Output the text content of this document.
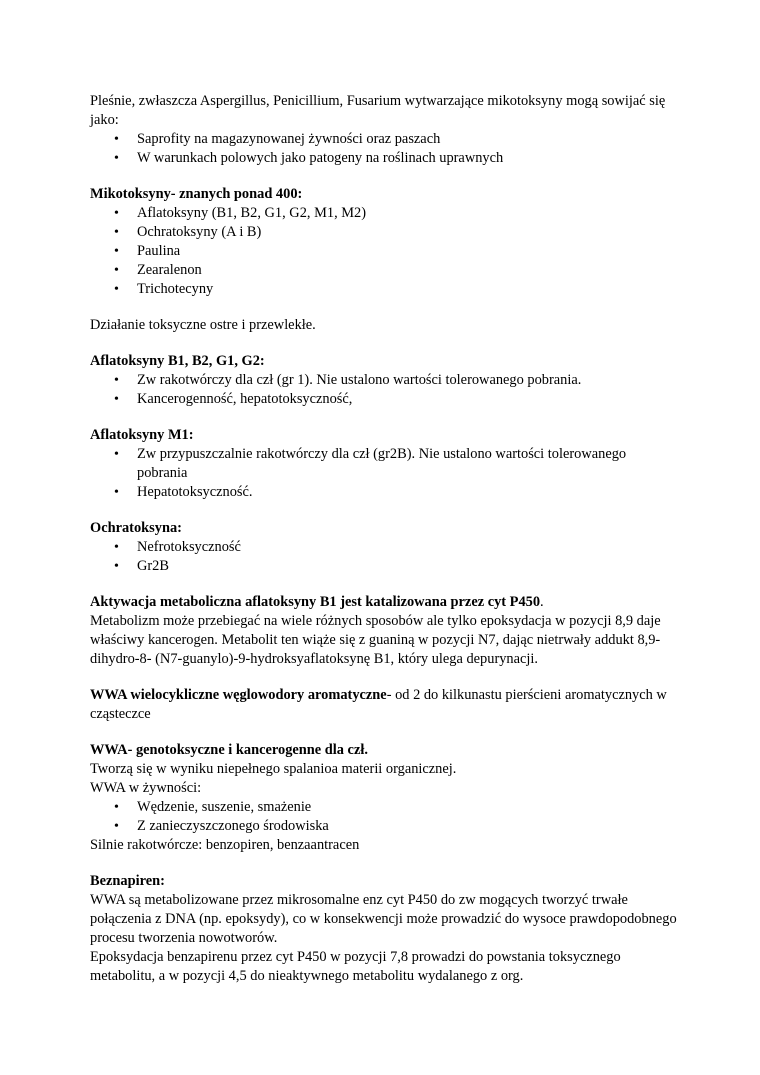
Pleśnie, zwłaszcza Aspergillus, Penicillium, Fusarium wytwarzające mikotoksyny mogą sowijać się jako:

• Saprofity na magazynowanej żywności oraz paszach
• W warunkach polowych jako patogeny na roślinach uprawnych

Mikotoksyny- znanych ponad 400:

• Aflatoksyny (B1, B2, G1, G2, M1, M2)
• Ochratoksyny (A i B)
• Paulina
• Zearalenon
• Trichotecyny

Działanie toksyczne ostre i przewlekłe.

Aflatoksyny B1, B2, G1, G2:

• Zw rakotwórczy dla czł (gr 1). Nie ustalono wartości tolerowanego pobrania.
• Kancerogenność, hepatotoksyczność,

Aflatoksyny M1:

• Zw przypuszczalnie rakotwórczy dla czł (gr2B). Nie ustalono wartości tolerowanego pobrania
• Hepatotoksyczność.

Ochratoksyna:

• Nefrotoksyczność
• Gr2B

Aktywacja metaboliczna aflatoksyny B1 jest katalizowana przez cyt P450.

Metabolizm może przebiegać na wiele różnych sposobów ale tylko epoksydacja w pozycji 8,9 daje właściwy kancerogen. Metabolit ten wiąże się z guaniną w pozycji N7, dając nietrwały addukt 8,9-dihydro-8- (N7-guanylo)-9-hydroksyaflatoksynę B1, który ulega depurynacji.

WWA wielocykliczne węglowodory aromatyczne- od 2 do kilkunastu pierścieni aromatycznych w cząsteczce

WWA- genotoksyczne i kancerogenne dla czł.

Tworzą się w wyniku niepełnego spalanioa materii organicznej.

WWA w żywności:

• Wędzenie, suszenie, smażenie
• Z zanieczyszczonego środowiska

Silnie rakotwórcze: benzopiren, benzaantracen

Beznapiren:

WWA są metabolizowane przez mikrosomalne enz cyt P450 do zw mogących tworzyć trwałe połączenia z DNA (np. epoksydy), co w konsekwencji może prowadzić do wysoce prawdopodobnego procesu tworzenia nowotworów.

Epoksydacja benzapirenu przez cyt P450 w pozycji 7,8 prowadzi do powstania toksycznego metabolitu, a w pozycji 4,5 do nieaktywnego metabolitu wydalanego z org.
